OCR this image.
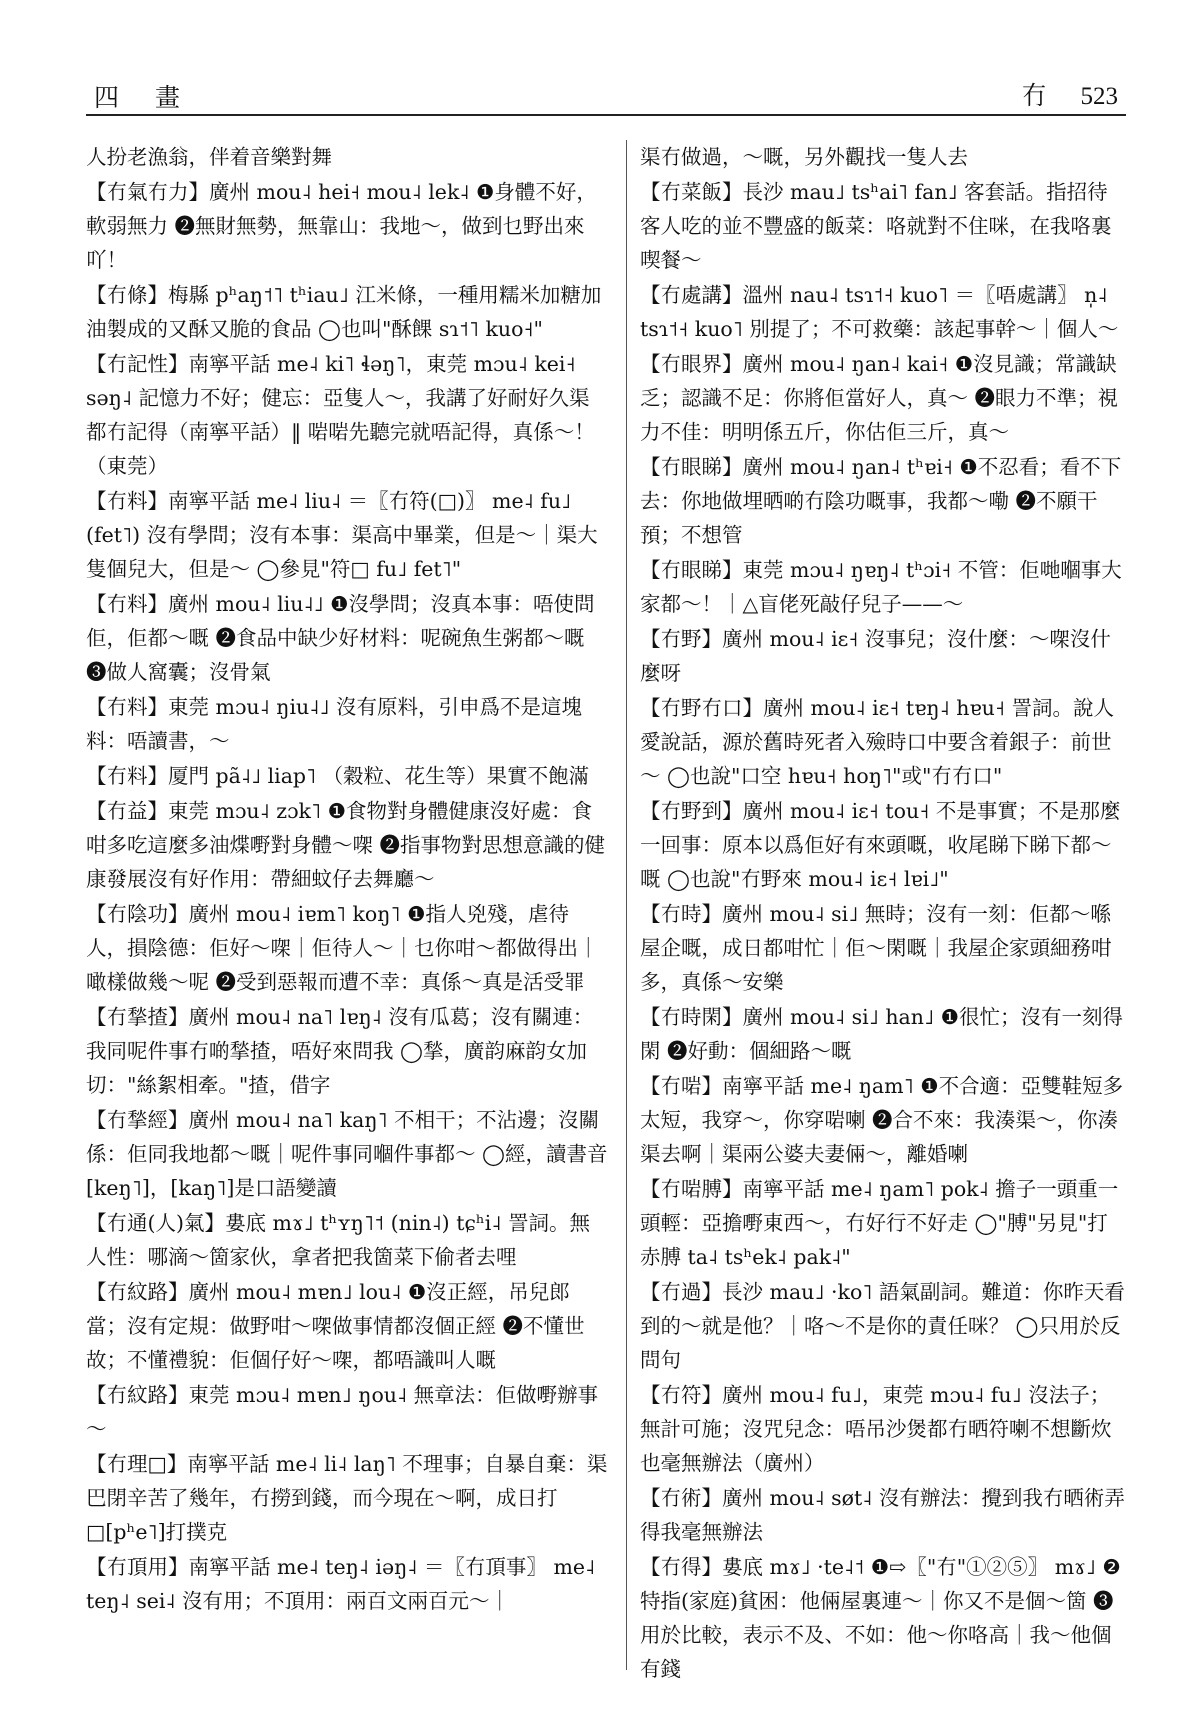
四 畫	冇 523
人扮老漁翁，伴着音樂對舞
【冇氣冇力】廣州 mou˨ hei˧ mou˨ lek˨ ❶身體不好，軟弱無力 ❷無財無勢，無靠山：我地～，做到乜野出來吖！
【冇條】梅縣 pʰaŋ˦˥ tʰiau˩ 江米條，一種用糯米加糖加油製成的又酥又脆的食品 ◯也叫"酥餜 sɿ˦˥ kuo˧"
【冇記性】南寧平話 me˨ ki˥ ɬəŋ˥，東莞 mɔu˨ kei˧ səŋ˨ 記憶力不好；健忘：亞隻人～，我講了好耐好久渠都冇記得（南寧平話）‖ 啱啱先聽完就唔記得，真係～！（東莞）
【冇料】南寧平話 me˨ liu˨ ＝〖冇符(□)〗 me˨ fu˩ (fet˥) 沒有學問；沒有本事：渠高中畢業，但是～｜渠大隻個兒大，但是～ ◯參見"符□ fu˩ fet˥"
【冇料】廣州 mou˨ liu˨˩ ❶沒學問；沒真本事：唔使問佢，佢都～嘅 ❷食品中缺少好材料：呢碗魚生粥都～嘅 ❸做人窩囊；沒骨氣
【冇料】東莞 mɔu˨ ŋiu˨˩ 沒有原料，引申爲不是這塊料：唔讀書，～
【冇料】厦門 pã˨˩ liap˥ （穀粒、花生等）果實不飽滿
【冇益】東莞 mɔu˨ zɔk˥ ❶食物對身體健康沒好處：食咁多吃這麼多油煠嘢對身體～㗎 ❷指事物對思想意識的健康發展沒有好作用：帶細蚊仔去舞廳～
【冇陰功】廣州 mou˨ iɐm˥ koŋ˥ ❶指人兇殘，虐待人，損陰德：佢好～㗎｜佢待人～｜乜你咁～都做得出｜噉樣做幾～呢 ❷受到惡報而遭不幸：真係～真是活受罪
【冇揫揸】廣州 mou˨ na˥ lɐŋ˨ 沒有瓜葛；沒有關連：我同呢件事冇啲揫揸，唔好來問我 ◯揫，廣韵麻韵女加切："絲絮相牽。"揸，借字
【冇揫經】廣州 mou˨ na˥ kaŋ˥ 不相干；不沾邊；沒關係：佢同我地都～嘅｜呢件事同嗰件事都～ ◯經，讀書音[keŋ˥]，[kaŋ˥]是口語變讀
【冇通(人)氣】婁底 mɤ˩ tʰʏŋ˥˦ (nin˨) tɕʰi˨ 詈詞。無人性：哪滴～箇家伙，拿者把我箇菜下偷者去哩
【冇紋路】廣州 mou˨ mɐn˩ lou˨ ❶沒正經，吊兒郎當；沒有定規：做野咁～㗎做事情都沒個正經 ❷不懂世故；不懂禮貌：佢個仔好～㗎，都唔識叫人嘅
【冇紋路】東莞 mɔu˨ mɐn˩ ŋou˨ 無章法：佢做嘢辦事～
【冇理□】南寧平話 me˨ li˨ laŋ˥ 不理事；自暴自棄：渠巴閉辛苦了幾年，冇撈到錢，而今現在～啊，成日打□[pʰe˥]打撲克
【冇頂用】南寧平話 me˨ teŋ˨ iəŋ˨ ＝〖冇頂事〗 me˨ teŋ˨ sei˨ 沒有用；不頂用：兩百文兩百元～｜
渠冇做過，～嘅，另外觀找一隻人去
【冇菜飯】長沙 mau˩ tsʰai˥ fan˩ 客套話。指招待客人吃的並不豐盛的飯菜：咯就對不住咪，在我咯裏喫餐～
【冇處講】溫州 nau˨ tsɿ˦˧ kuo˥ ＝〖唔處講〗 n̩˨ tsɿ˦˧ kuo˥ 別提了；不可救藥：該起事幹～｜個人～
【冇眼界】廣州 mou˨ ŋan˨ kai˧ ❶沒見識；常識缺乏；認識不足：你將佢當好人，真～ ❷眼力不準；視力不佳：明明係五斤，你估佢三斤，真～
【冇眼睇】廣州 mou˨ ŋan˨ tʰɐi˧ ❶不忍看；看不下去：你地做埋晒啲冇陰功嘅事，我都～嘞 ❷不願干預；不想管
【冇眼睇】東莞 mɔu˨ ŋɐŋ˨ tʰɔi˧ 不管：佢哋嗰事大家都～！｜△盲佬死敲仔兒子——～
【冇野】廣州 mou˨ iɛ˧ 沒事兒；沒什麼：～㗎沒什麼呀
【冇野冇口】廣州 mou˨ iɛ˧ tɐŋ˨ hɐu˧ 詈詞。說人愛說話，源於舊時死者入殮時口中要含着銀子：前世～ ◯也說"口空 hɐu˧ hoŋ˥"或"冇冇口"
【冇野到】廣州 mou˨ iɛ˧ tou˧ 不是事實；不是那麼一回事：原本以爲佢好有來頭嘅，收尾睇下睇下都～嘅 ◯也說"冇野來 mou˨ iɛ˧ lɐi˩"
【冇時】廣州 mou˨ si˩ 無時；沒有一刻：佢都～喺屋企嘅，成日都咁忙｜佢～閑嘅｜我屋企家頭細務咁多，真係～安樂
【冇時閑】廣州 mou˨ si˩ han˩ ❶很忙；沒有一刻得閑 ❷好動：個細路～嘅
【冇啱】南寧平話 me˨ ŋam˥ ❶不合適：亞雙鞋短多太短，我穿～，你穿啱喇 ❷合不來：我湊渠～，你湊渠去啊｜渠兩公婆夫妻倆～，離婚喇
【冇啱膊】南寧平話 me˨ ŋam˥ pok˨ 擔子一頭重一頭輕：亞擔嘢東西～，冇好行不好走 ◯"膊"另見"打赤膊 ta˨ tsʰek˨ pak˨"
【冇過】長沙 mau˩ ·ko˥ 語氣副詞。難道：你昨天看到的～就是他？｜咯～不是你的責任咪？ ◯只用於反問句
【冇符】廣州 mou˨ fu˩，東莞 mɔu˨ fu˩ 沒法子；無計可施；沒咒兒念：唔吊沙煲都冇晒符喇不想斷炊也毫無辦法（廣州）
【冇術】廣州 mou˨ søt˨ 沒有辦法：攪到我冇晒術弄得我毫無辦法
【冇得】婁底 mɤ˩ ·te˨˦ ❶⇨〖"冇"①②⑤〗 mɤ˩ ❷特指(家庭)貧困：他倆屋裏連～｜你又不是個～箇 ❸用於比較，表示不及、不如：他～你咯高｜我～他個有錢
